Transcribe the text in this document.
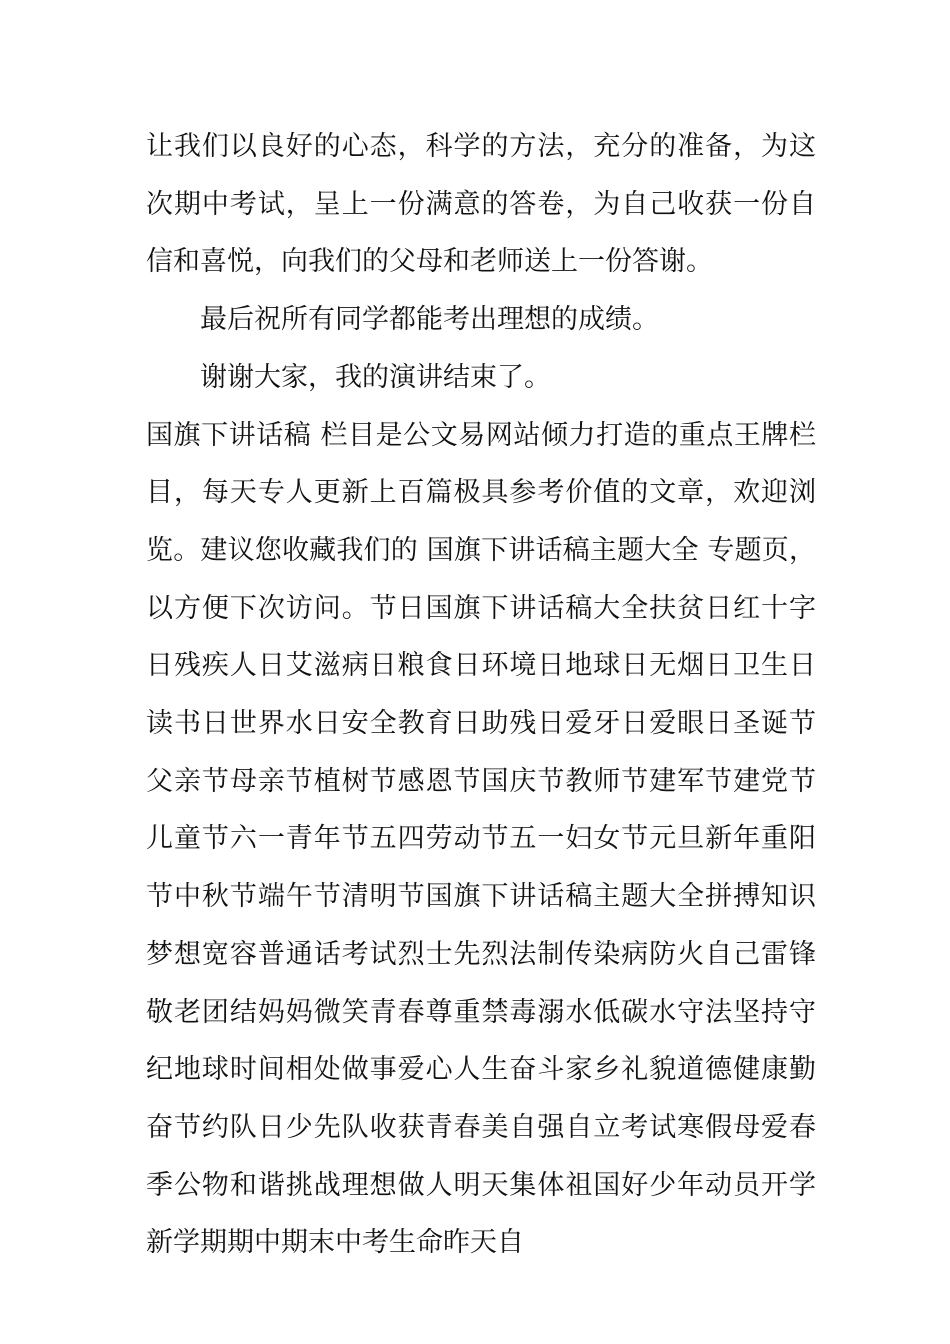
让我们以良好的心态，科学的方法，充分的准备，为这次期中考试，呈上一份满意的答卷，为自己收获一份自信和喜悦，向我们的父母和老师送上一份答谢。

最后祝所有同学都能考出理想的成绩。

谢谢大家，我的演讲结束了。

国旗下讲话稿 栏目是公文易网站倾力打造的重点王牌栏目，每天专人更新上百篇极具参考价值的文章，欢迎浏览。建议您收藏我们的 国旗下讲话稿主题大全 专题页，以方便下次访问。节日国旗下讲话稿大全扶贫日红十字日残疾人日艾滋病日粮食日环境日地球日无烟日卫生日读书日世界水日安全教育日助残日爱牙日爱眼日圣诞节父亲节母亲节植树节感恩节国庆节教师节建军节建党节儿童节六一青年节五四劳动节五一妇女节元旦新年重阳节中秋节端午节清明节国旗下讲话稿主题大全拼搏知识梦想宽容普通话考试烈士先烈法制传染病防火自己雷锋敬老团结妈妈微笑青春尊重禁毒溺水低碳水守法坚持守纪地球时间相处做事爱心人生奋斗家乡礼貌道德健康勤奋节约队日少先队收获青春美自强自立考试寒假母爱春季公物和谐挑战理想做人明天集体祖国好少年动员开学新学期期中期末中考生命昨天自
